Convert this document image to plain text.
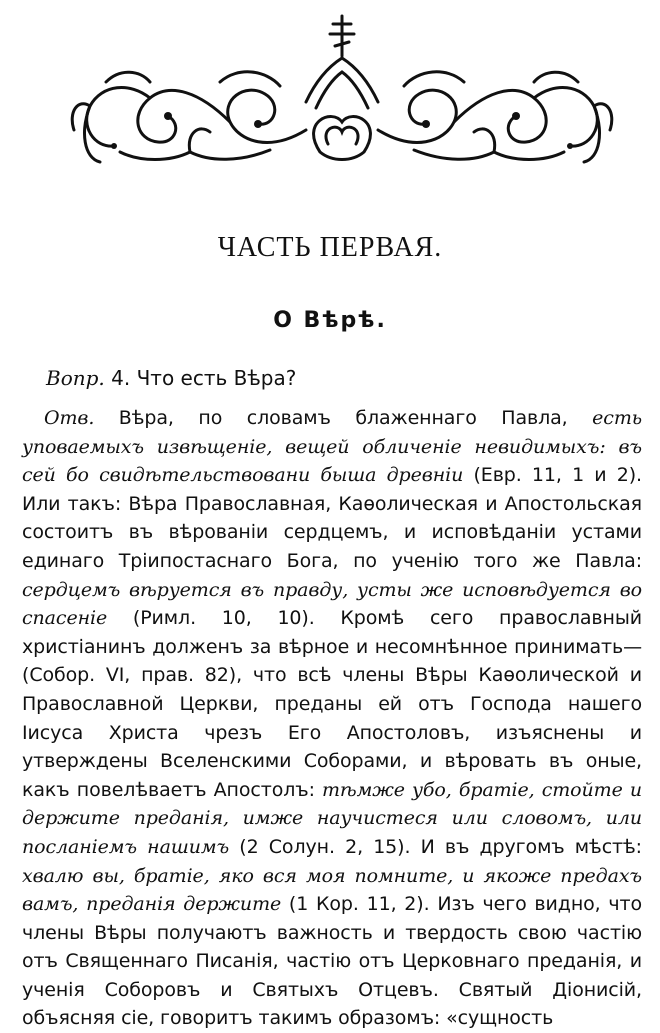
ЧАСТЬ ПЕРВАЯ.
О Вѣрѣ.

Вопр. 4. Что есть Вѣра?

Отв. Вѣра, по словамъ блаженнаго Павла, есть уповаемыхъ извѣщеніе, вещей обличеніе невидимыхъ: въ сей бо свидѣтельствовани быша древніи (Евр. 11, 1 и 2). Или такъ: Вѣра Православная, Каѳолическая и Апостольская состоитъ въ вѣрованіи сердцемъ, и исповѣданіи устами единаго Тріипостаснаго Бога, по ученію того же Павла: сердцемъ вѣруется въ правду, усты же исповѣдуется во спасеніе (Римл. 10, 10). Кромѣ сего православный христіанинъ долженъ за вѣрное и несомнѣнное принимать—(Собор. VI, прав. 82), что всѣ члены Вѣры Каѳолической и Православной Церкви, преданы ей отъ Господа нашего Іисуса Христа чрезъ Его Апостоловъ, изъяснены и утверждены Вселенскими Соборами, и вѣровать въ оные, какъ повелѣваетъ Апостолъ: тѣмже убо, братіе, стойте и держите преданія, имже научистеся или словомъ, или посланіемъ нашимъ (2 Солун. 2, 15). И въ другомъ мѣстѣ: хвалю вы, братіе, яко вся моя помните, и якоже предахъ вамъ, преданія держите (1 Кор. 11, 2). Изъ чего видно, что члены Вѣры получаютъ важность и твердость свою частію отъ Священнаго Писанія, частію отъ Церковнаго преданія, и ученія Соборовъ и Святыхъ Отцевъ. Святый Діонисій, объясняя сіе, говоритъ такимъ образомъ: «сущность
